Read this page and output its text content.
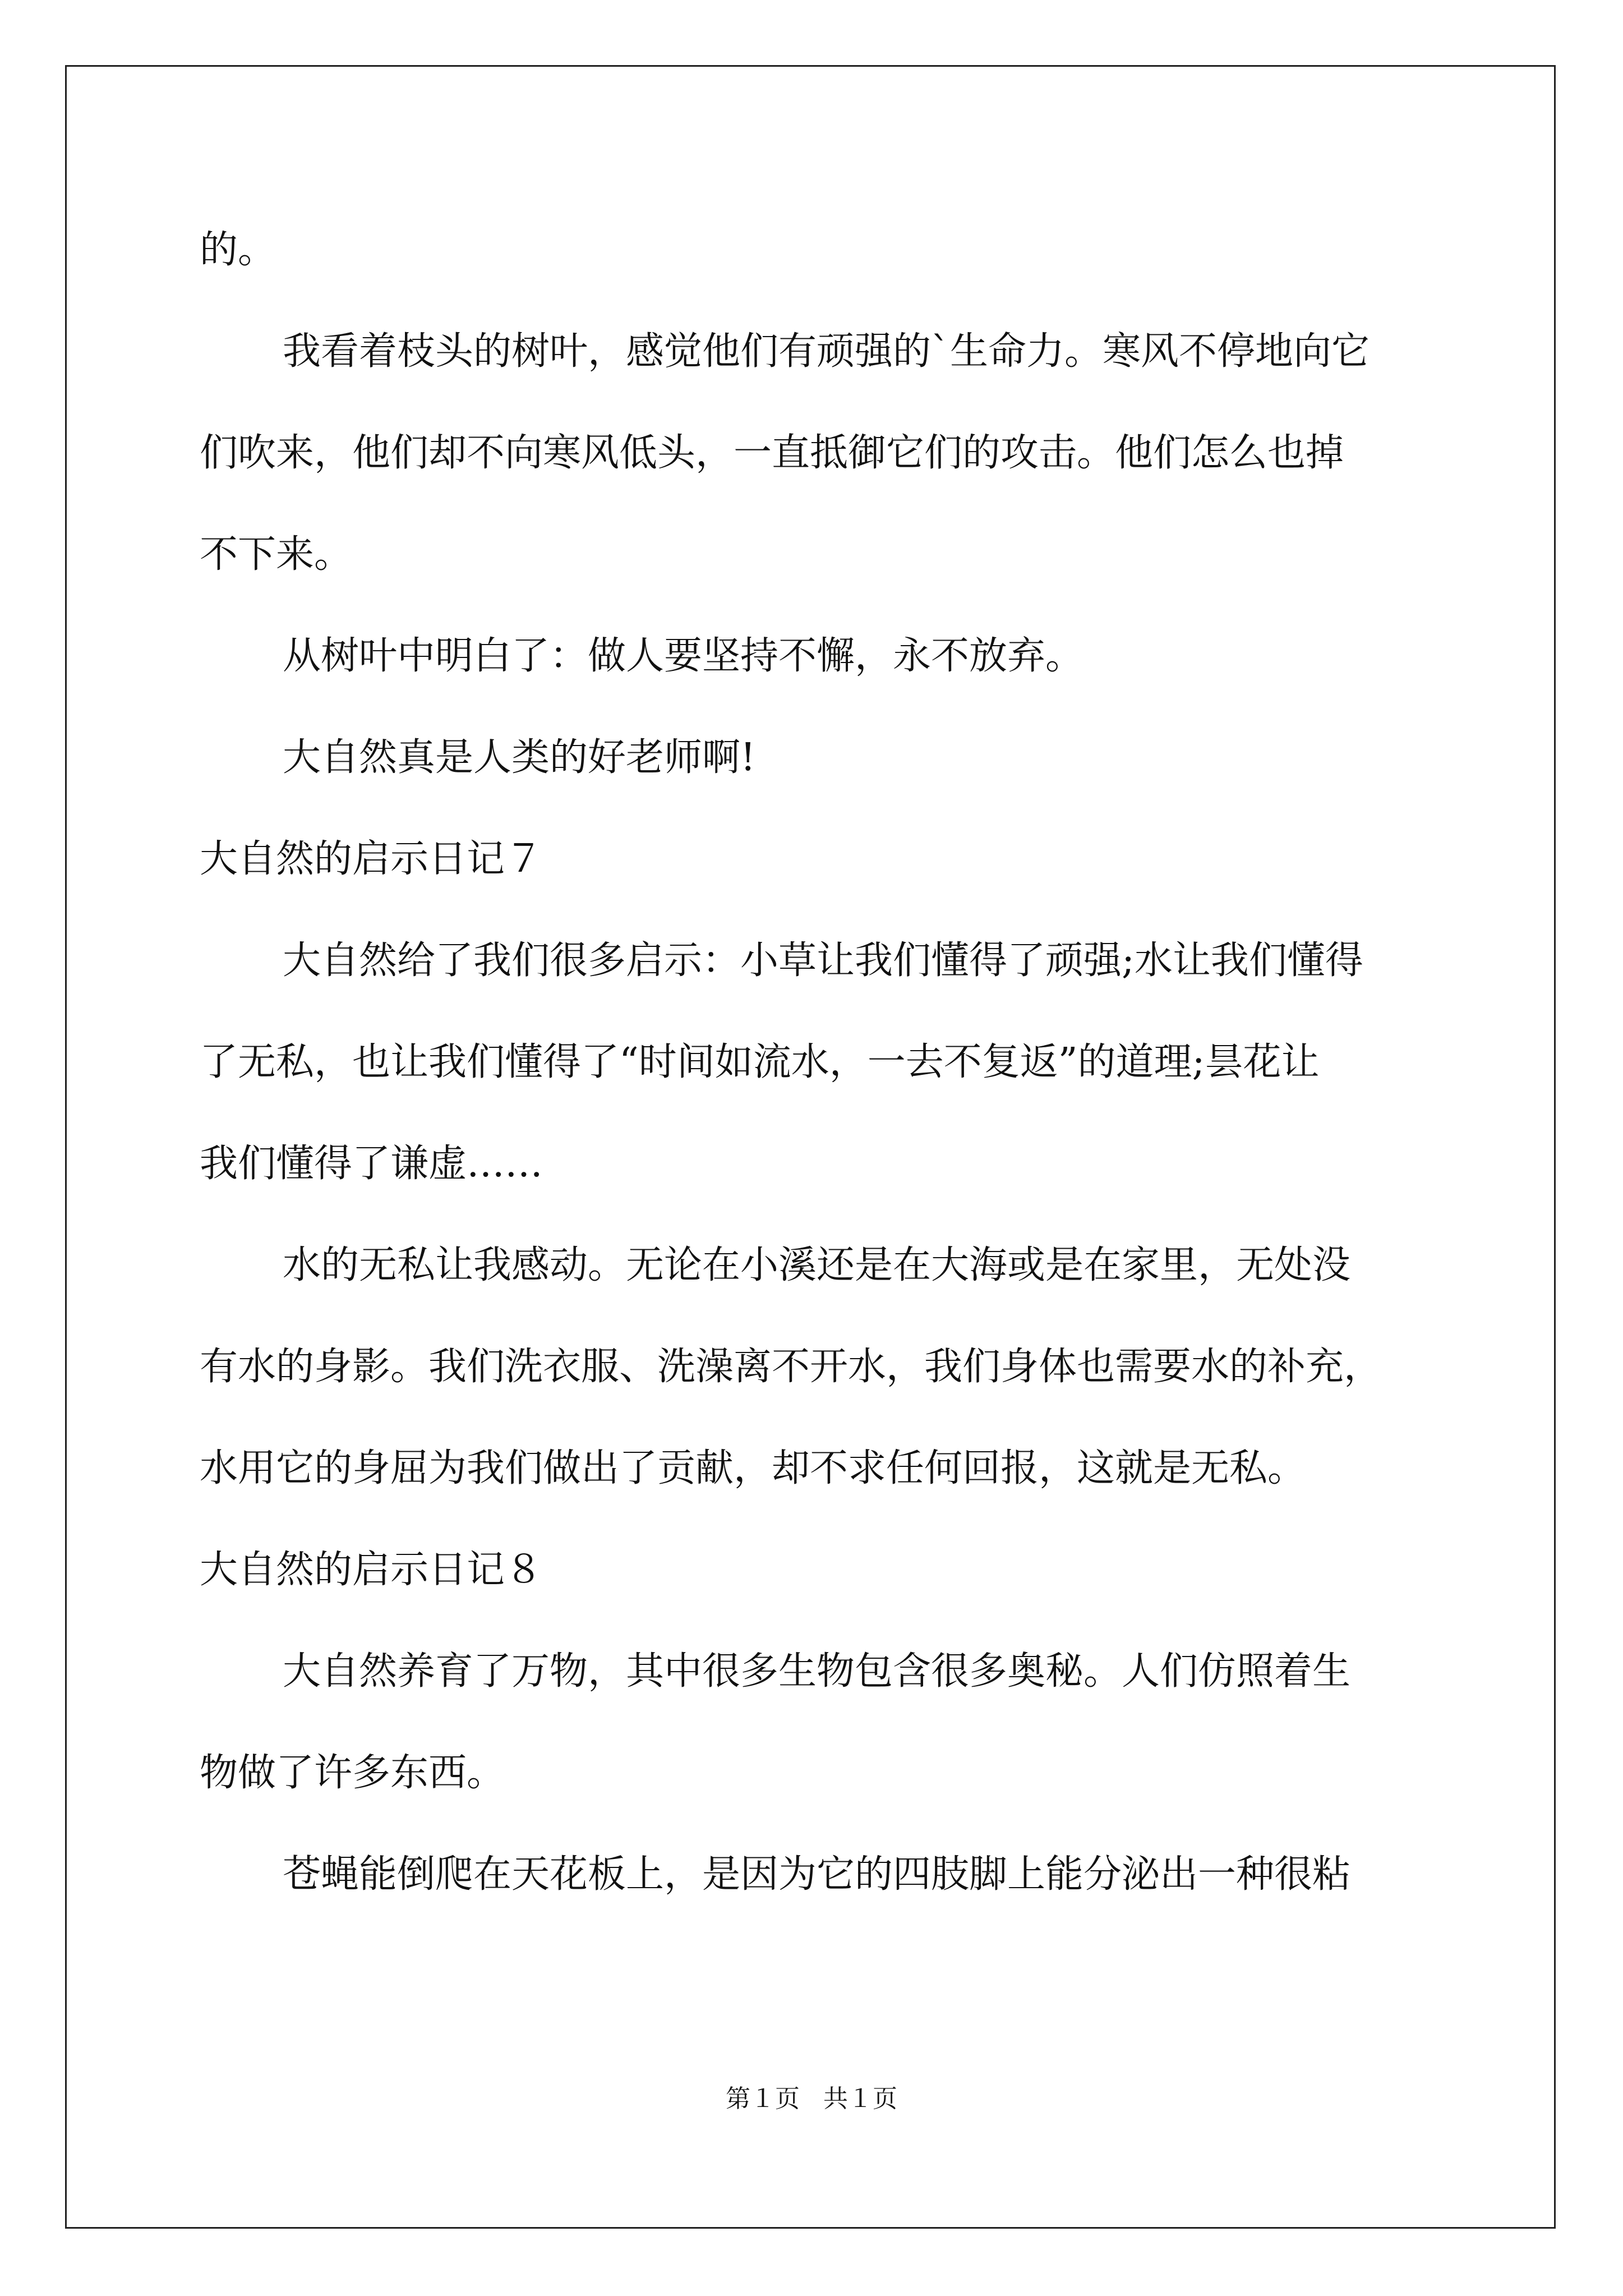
的。

我看着枝头的树叶，感觉他们有顽强的`生命力。寒风不停地向它

们吹来，他们却不向寒风低头，一直抵御它们的攻击。他们怎么也掉

不下来。

从树叶中明白了：做人要坚持不懈，永不放弃。

大自然真是人类的好老师啊!

大自然的启示日记７

大自然给了我们很多启示：小草让我们懂得了顽强;水让我们懂得

了无私，也让我们懂得了“时间如流水，一去不复返”的道理;昙花让

我们懂得了谦虚……

水的无私让我感动。无论在小溪还是在大海或是在家里，无处没

有水的身影。我们洗衣服、洗澡离不开水，我们身体也需要水的补充，

水用它的身屈为我们做出了贡献，却不求任何回报，这就是无私。

大自然的启示日记８

大自然养育了万物，其中很多生物包含很多奥秘。人们仿照着生

物做了许多东西。

苍蝇能倒爬在天花板上，是因为它的四肢脚上能分泌出一种很粘

第１页 共１页
